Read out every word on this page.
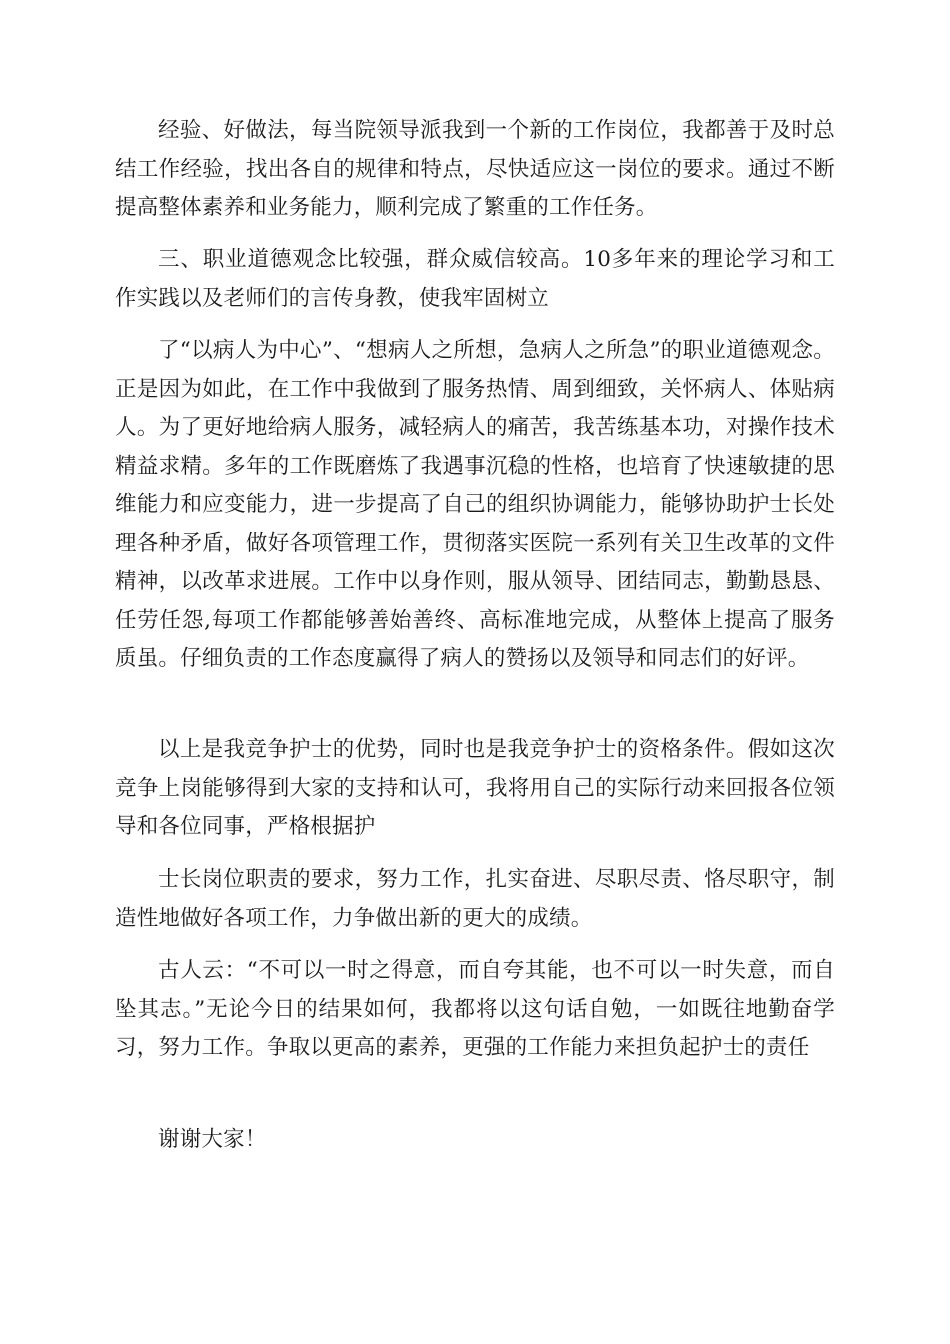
经验、好做法，每当院领导派我到一个新的工作岗位，我都善于及时总结工作经验，找出各自的规律和特点，尽快适应这一岗位的要求。通过不断提高整体素养和业务能力，顺利完成了繁重的工作任务。

三、职业道德观念比较强，群众威信较高。10多年来的理论学习和工作实践以及老师们的言传身教，使我牢固树立

了“以病人为中心”、“想病人之所想，急病人之所急”的职业道德观念。正是因为如此，在工作中我做到了服务热情、周到细致，关怀病人、体贴病人。为了更好地给病人服务，减轻病人的痛苦，我苦练基本功，对操作技术精益求精。多年的工作既磨炼了我遇事沉稳的性格，也培育了快速敏捷的思维能力和应变能力，进一步提高了自己的组织协调能力，能够协助护士长处理各种矛盾，做好各项管理工作，贯彻落实医院一系列有关卫生改革的文件精神，以改革求进展。工作中以身作则，服从领导、团结同志，勤勤恳恳、任劳任怨,每项工作都能够善始善终、高标准地完成，从整体上提高了服务质虽。仔细负责的工作态度赢得了病人的赞扬以及领导和同志们的好评。

以上是我竞争护士的优势，同时也是我竞争护士的资格条件。假如这次竞争上岗能够得到大家的支持和认可，我将用自己的实际行动来回报各位领导和各位同事，严格根据护

士长岗位职责的要求，努力工作，扎实奋进、尽职尽责、恪尽职守，制造性地做好各项工作，力争做出新的更大的成绩。

古人云：“不可以一时之得意，而自夸其能，也不可以一时失意，而自坠其志。”无论今日的结果如何，我都将以这句话自勉，一如既往地勤奋学习，努力工作。争取以更高的素养，更强的工作能力来担负起护士的责任

谢谢大家！
